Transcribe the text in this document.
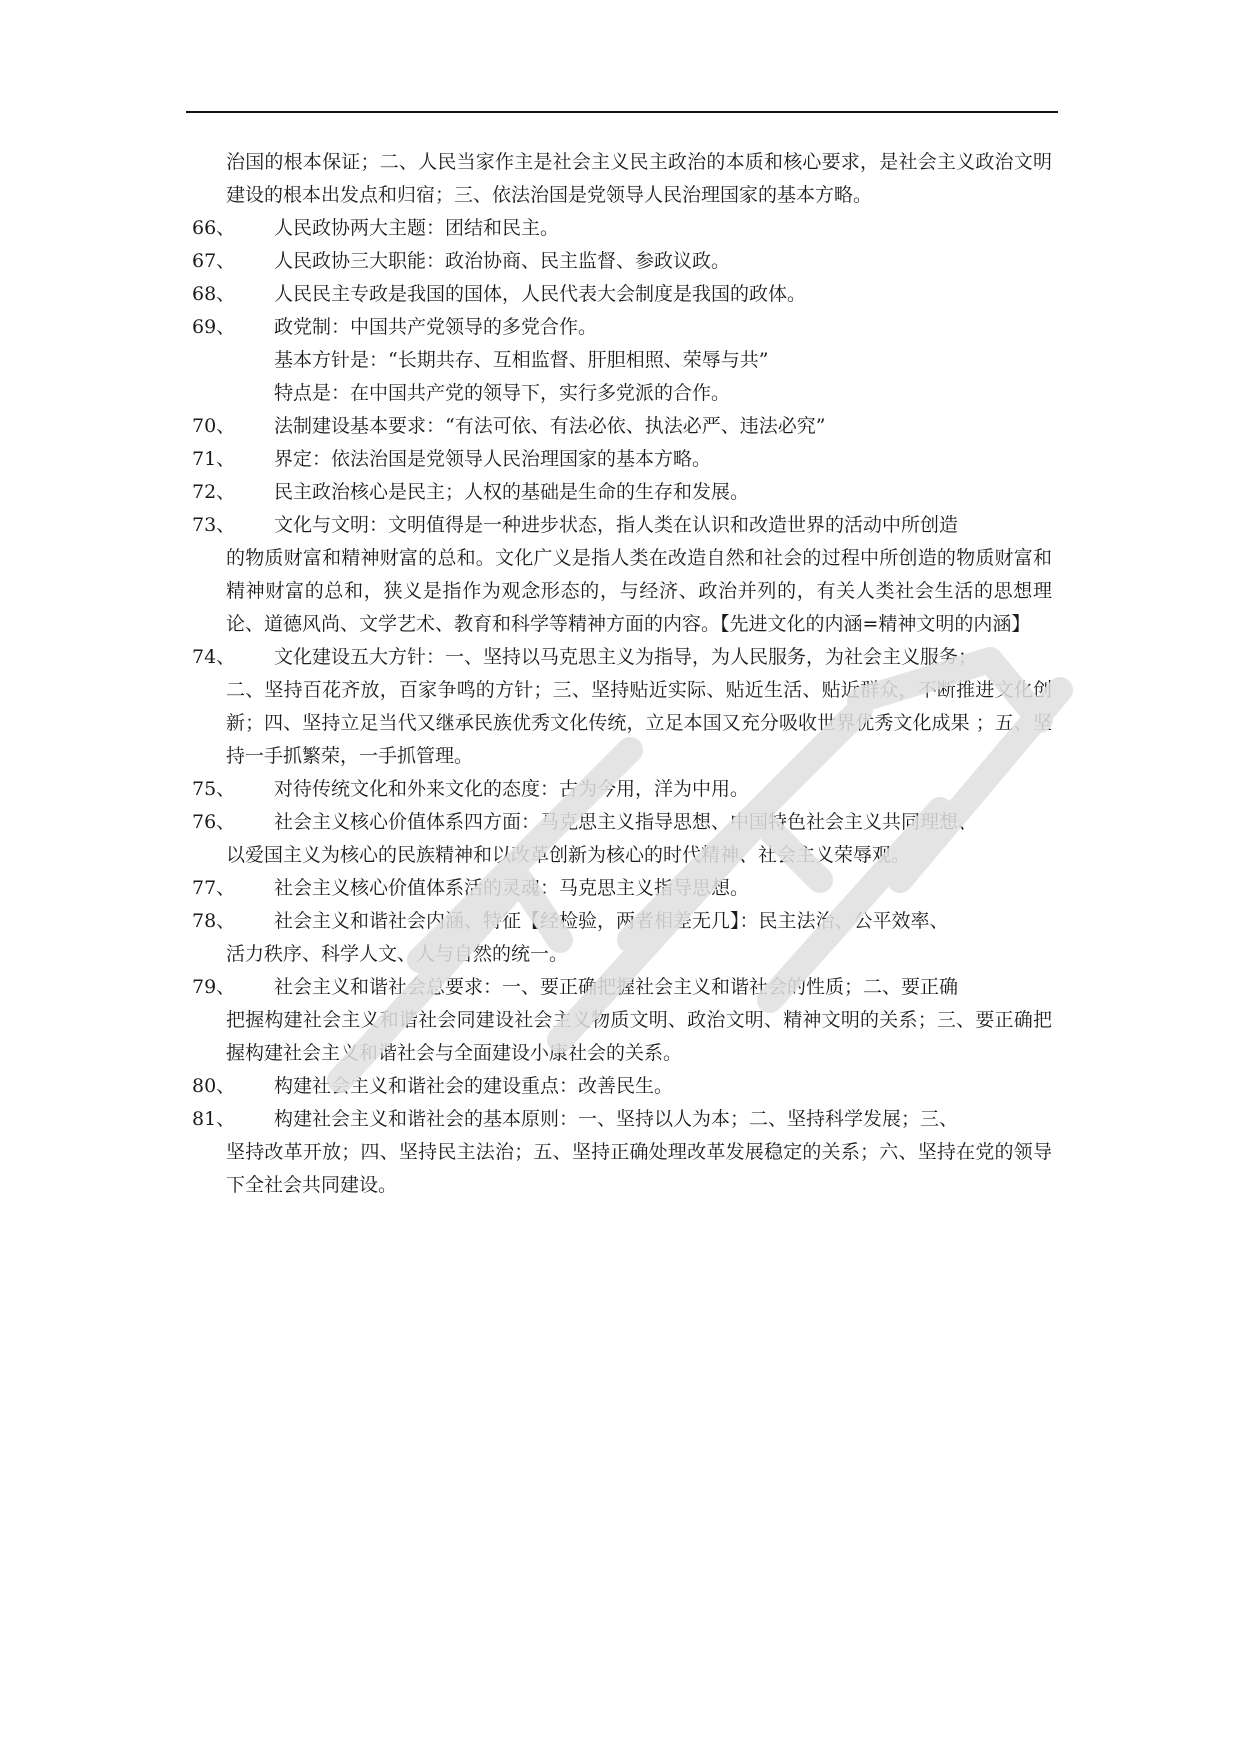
治国的根本保证；二、人民当家作主是社会主义民主政治的本质和核心要求，是社会主义政治文明建设的根本出发点和归宿；三、依法治国是党领导人民治理国家的基本方略。
66、	人民政协两大主题：团结和民主。
67、	人民政协三大职能：政治协商、民主监督、参政议政。
68、	人民民主专政是我国的国体，人民代表大会制度是我国的政体。
69、	政党制：中国共产党领导的多党合作。
基本方针是：“长期共存、互相监督、肝胆相照、荣辱与共”
特点是：在中国共产党的领导下，实行多党派的合作。
70、	法制建设基本要求：“有法可依、有法必依、执法必严、违法必究”
71、	界定：依法治国是党领导人民治理国家的基本方略。
72、	民主政治核心是民主；人权的基础是生命的生存和发展。
73、	文化与文明：文明值得是一种进步状态，指人类在认识和改造世界的活动中所创造
的物质财富和精神财富的总和。文化广义是指人类在改造自然和社会的过程中所创造的物质财富和精神财富的总和，狭义是指作为观念形态的，与经济、政治并列的，有关人类社会生活的思想理论、道德风尚、文学艺术、教育和科学等精神方面的内容。【先进文化的内涵=精神文明的内涵】
74、	文化建设五大方针：一、坚持以马克思主义为指导，为人民服务，为社会主义服务；
二、坚持百花齐放，百家争鸣的方针；三、坚持贴近实际、贴近生活、贴近群众，不断推进文化创新；四、坚持立足当代又继承民族优秀文化传统，立足本国又充分吸收世界优秀文化成果 ；五、坚持一手抓繁荣，一手抓管理。
75、	对待传统文化和外来文化的态度：古为今用，洋为中用。
76、	社会主义核心价值体系四方面：马克思主义指导思想、中国特色社会主义共同理想、
以爱国主义为核心的民族精神和以改革创新为核心的时代精神、社会主义荣辱观。
77、	社会主义核心价值体系活的灵魂：马克思主义指导思想。
78、	社会主义和谐社会内涵、特征【经检验，两者相差无几】：民主法治、公平效率、
活力秩序、科学人文、人与自然的统一。
79、	社会主义和谐社会总要求：一、要正确把握社会主义和谐社会的性质；二、要正确
把握构建社会主义和谐社会同建设社会主义物质文明、政治文明、精神文明的关系；三、要正确把握构建社会主义和谐社会与全面建设小康社会的关系。
80、	构建社会主义和谐社会的建设重点：改善民生。
81、	构建社会主义和谐社会的基本原则：一、坚持以人为本；二、坚持科学发展；三、
坚持改革开放；四、坚持民主法治；五、坚持正确处理改革发展稳定的关系；六、坚持在党的领导下全社会共同建设。
